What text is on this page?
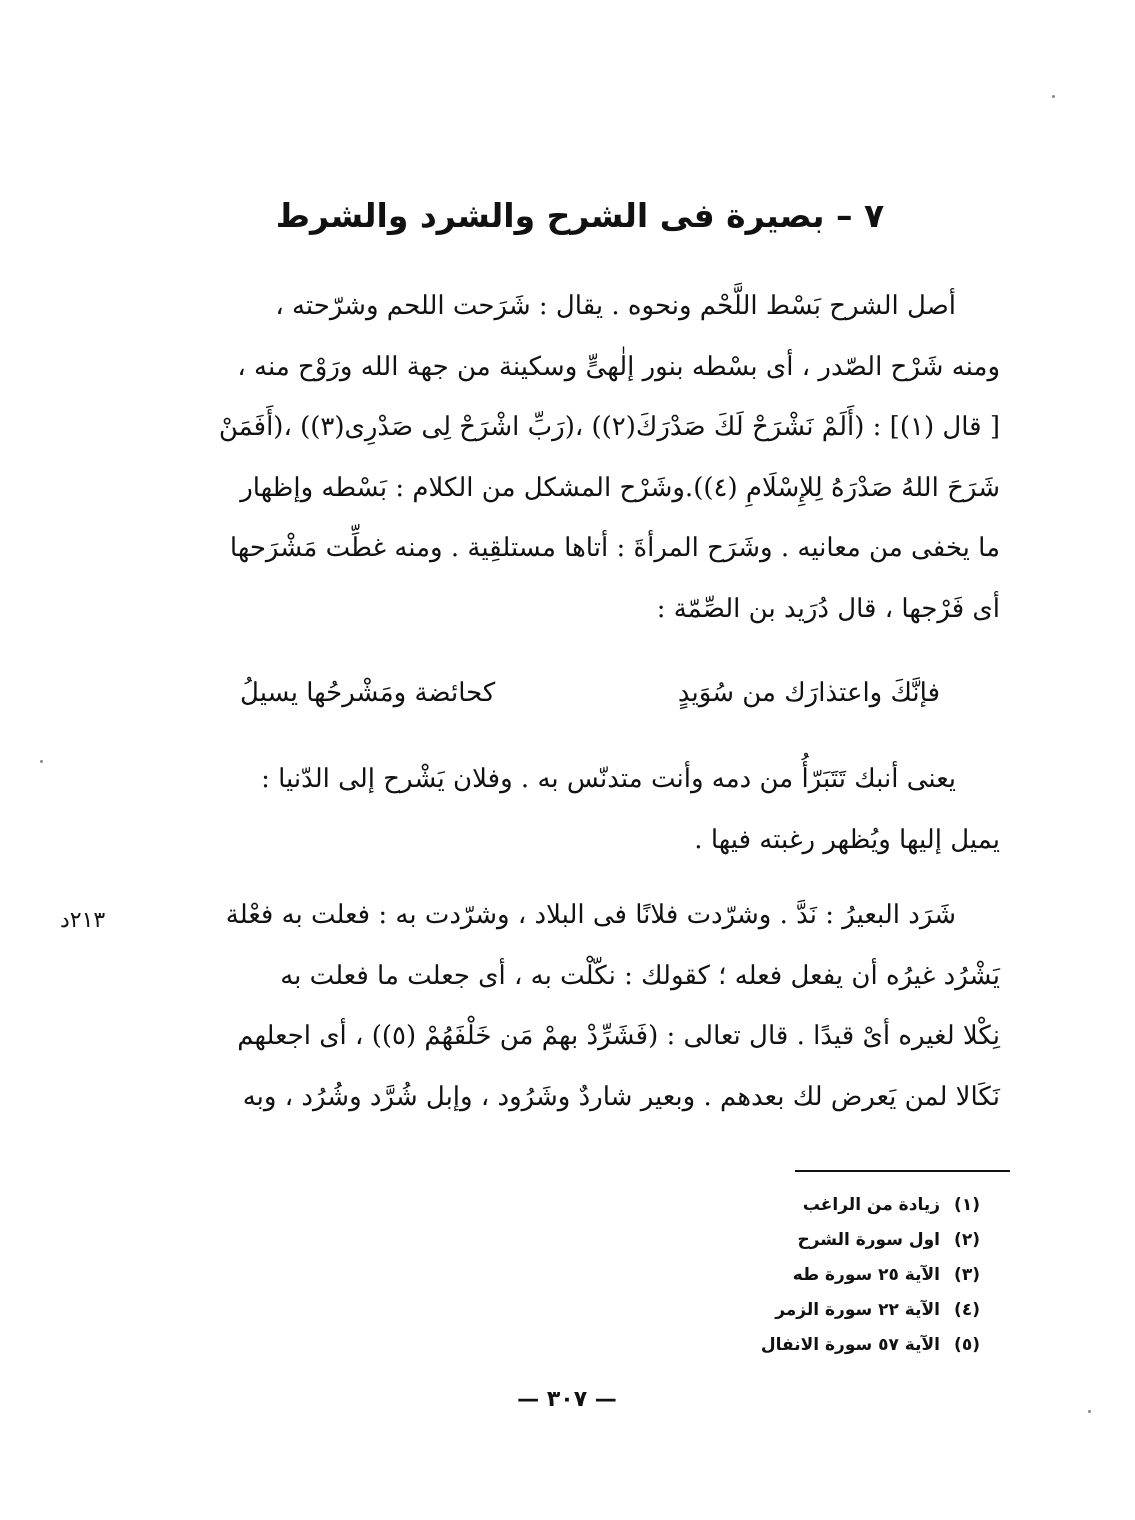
٧ – بصيرة فى الشرح والشرد والشرط
أصل الشرح بَسْط اللَّحْم ونحوه . يقال : شَرَحت اللحم وشرّحته ،
ومنه شَرْح الصّدر ، أى بسْطه بنور إلٰهىٍّ وسكينة من جهة الله ورَوْح منه ،
[ قال (١)] : (أَلَمْ نَشْرَحْ لَكَ صَدْرَكَ(٢)) ،(رَبِّ اشْرَحْ لِى صَدْرِى(٣)) ،(أَفَمَنْ
شَرَحَ اللهُ صَدْرَهُ لِلإِسْلَامِ (٤)).وشَرْح المشكل من الكلام : بَسْطه وإظهار
ما يخفى من معانيه . وشَرَح المرأةَ : أتاها مستلقِية . ومنه غطِّت مَشْرَحها
أى فَرْجها ، قال دُرَيد بن الصِّمّة :
فإنَّكَ واعتذارَك من سُوَيدٍ
كحائضة ومَشْرحُها يسيلُ
يعنى أنبك تَتَبَرّأُ من دمه وأنت متدنّس به . وفلان يَشْرح إلى الدّنيا :
يميل إليها ويُظهر رغبته فيها .
شَرَد البعيرُ : نَدَّ . وشرّدت فلانًا فى البلاد ، وشرّدت به : فعلت به فعْلة
يَشْرُد غيرُه أن يفعل فعله ؛ كقولك : نكّلْت به ، أى جعلت ما فعلت به
نِكْلا لغيره أىْ قيدًا . قال تعالى : (فَشَرِّدْ بهمْ مَن خَلْفَهُمْ (٥)) ، أى اجعلهم
نَكَالا لمن يَعرض لك بعدهم . وبعير شاردٌ وشَرُود ، وإبل شُرَّد وشُرُد ، وبه
٢١٣د
(١)زيادة من الراغب
(٢)اول سورة الشرح
(٣)الآية ٢٥ سورة طه
(٤)الآية ٢٢ سورة الزمر
(٥)الآية ٥٧ سورة الانفال
— ٣٠٧ —
